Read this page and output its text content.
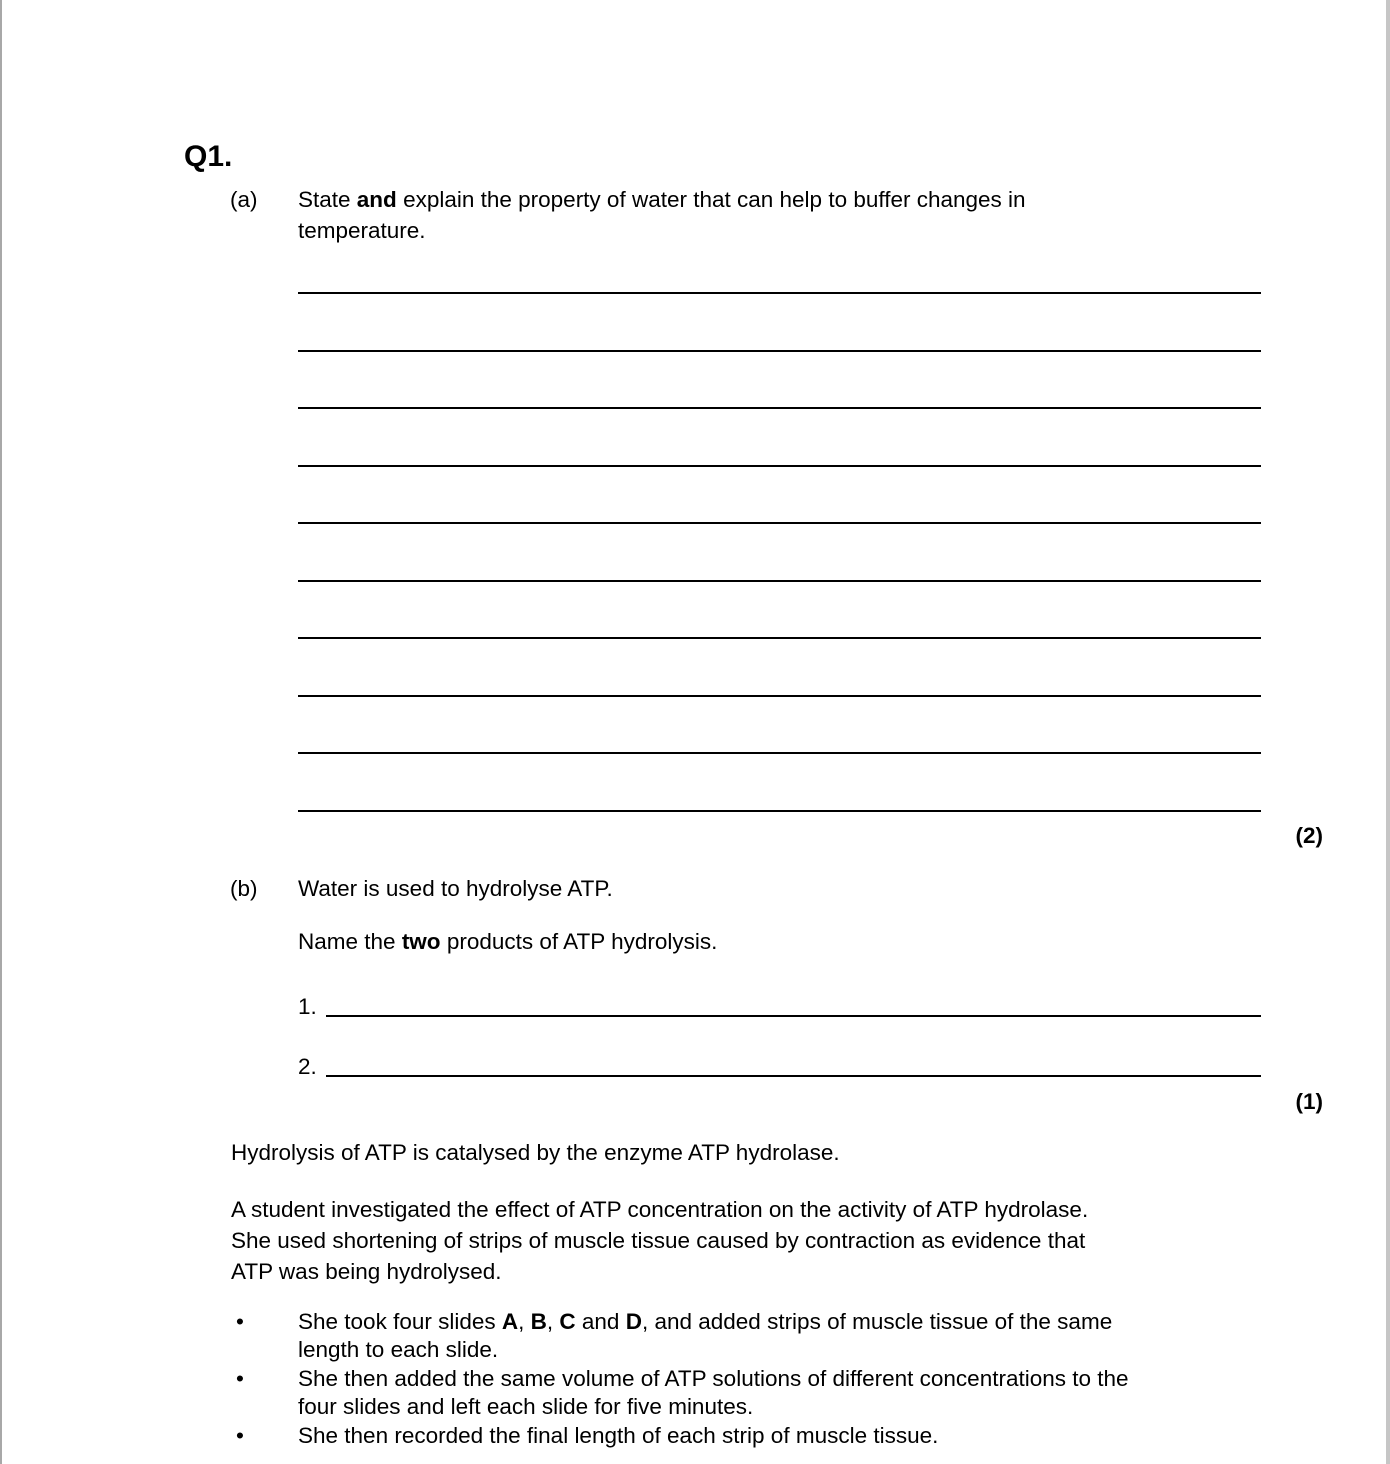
Q1.
(a)	State and explain the property of water that can help to buffer changes in
temperature.

(2)
(b)	Water is used to hydrolyse ATP.

Name the two products of ATP hydrolysis.

1.
2.
(1)

Hydrolysis of ATP is catalysed by the enzyme ATP hydrolase.

A student investigated the effect of ATP concentration on the activity of ATP hydrolase.
She used shortening of strips of muscle tissue caused by contraction as evidence that
ATP was being hydrolysed.

•	She took four slides A, B, C and D, and added strips of muscle tissue of the same
length to each slide.
•	She then added the same volume of ATP solutions of different concentrations to the
four slides and left each slide for five minutes.
•	She then recorded the final length of each strip of muscle tissue.
